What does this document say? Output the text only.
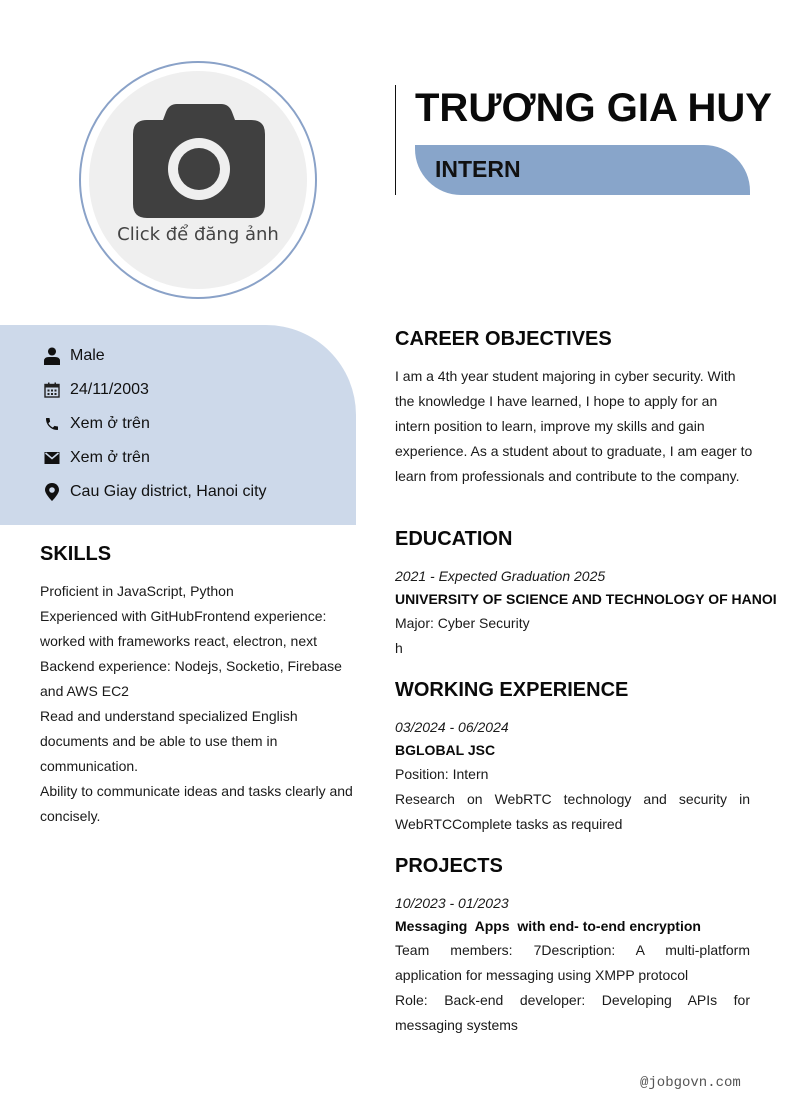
Click để đăng ảnh
TRƯƠNG GIA HUY
INTERN
Male
24/11/2003
Xem ở trên
Xem ở trên
Cau Giay district, Hanoi city
SKILLS
Proficient in JavaScript, Python
Experienced with GitHubFrontend experience: worked with frameworks react, electron, next
Backend experience: Nodejs, Socketio, Firebase and AWS EC2
Read and understand specialized English documents and be able to use them in communication.
Ability to communicate ideas and tasks clearly and concisely.
CAREER OBJECTIVES
I am a 4th year student majoring in cyber security. With the knowledge I have learned, I hope to apply for an intern position to learn, improve my skills and gain experience. As a student about to graduate, I am eager to learn from professionals and contribute to the company.
EDUCATION
2021 - Expected Graduation 2025
UNIVERSITY OF SCIENCE AND TECHNOLOGY OF HANOI
Major: Cyber Security
h
WORKING EXPERIENCE
03/2024 - 06/2024
BGLOBAL JSC
Position: Intern
Research on WebRTC technology and security in WebRTCComplete tasks as required
PROJECTS
10/2023 - 01/2023
Messaging  Apps  with end- to-end encryption
Team members: 7Description: A multi-platform application for messaging using XMPP protocol
Role: Back-end developer: Developing APIs for messaging systems
@jobgovn.com
